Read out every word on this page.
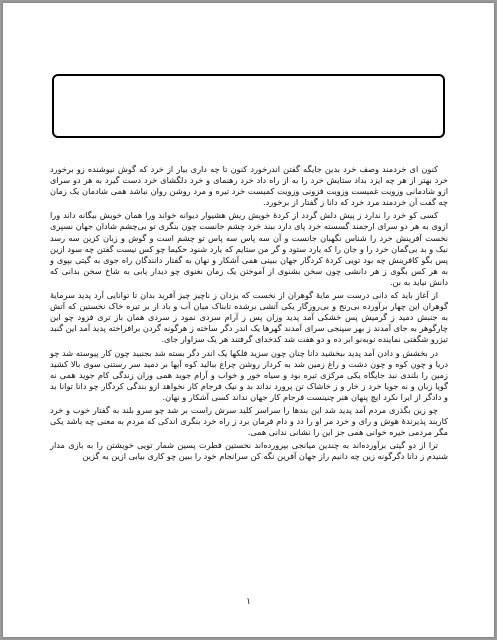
کنون ای خردمند وصف خرد بدین جایگه گفتن اندرخورد کنون تا چه داری بیار از خرد که گوش نیوشنده زو برخورد خرد بهتر از هر چه ایزد بداد ستایش خرد را به از راه داد خرد رهنمای و خرد دلگشای خرد دست گیرد به هر دو سرای ازو شادمانی وزویت غمیست وزویت فزونی وزویت کمیست خرد تیره و مرد روشن روان نباشد همی شادمان یک زمان چه گفت آن خردمند مرد خرد که دانا ز گفتار از برخورد.

کسی کو خرد را ندارد ز پیش دلش گردد از کردهٔ خویش ریش هشیوار دیوانه خواند ورا همان خویش بیگانه داند ورا ازوی به هر دو سرای ارجمند گسسته خرد پای دارد ببند خرد چشم جانست چون بنگری تو بی‌چشم شادان جهان نسپری نخست آفرینش خرد را شناس نگهبان جانست و آن سه پاس سه پاس تو چشم است و گوش و زبان کزین سه رسد نیک و بد بی‌گمان خرد را و جان را که یارد ستود و گر من ستایم که یارد شنود حکیما چو کس نیست گفتن چه سود ازین پس بگو کافرینش چه بود تویی کردهٔ کردگار جهان ببینی همی آشکار و نهان به گفتار دانندگان راه جوی به گیتی بپوی و به هر کس بگوی ز هر دانشی چون سخن بشنوی از آموختن یک زمان نغنوی چو دیدار یابی به شاخ سخن بدانی که دانش نیاید به بن.

از آغاز باید که دانی درست سر مایهٔ گوهران از نخست که یزدان ز ناچیز چیز آفرید بدان تا توانایی آرد پدید سرمایهٔ گوهران این چهار برآورده بی‌رنج و بی‌روزگار یکی آتشی برشده تابناک میان آب و باد از بر تیره خاک نخستین که آتش به جنبش دمید ز گرمیش پس خشکی آمد پدید وزان پس ز آرام سردی نمود ز سردی همان باز تری فزود چو این چارگوهر به جای آمدند ز بهر سپنجی سرای آمدند گهرها یک اندر دگر ساخته ز هرگونه گردن برافراخته پدید آمد این گنبد تیزرو شگفتی نماینده نوبه‌نو ابر ده و دو هفت شد کدخدای گرفتند هر یک سزاوار جای.

در بخشش و دادن آمد پدید ببخشید دانا چنان چون سزید فلکها یک اندر دگر بسته شد بجنبید چون کار پیوسته شد چو دریا و چون کوه و چون دشت و راغ زمین شد به کردار روشن چراغ ببالید کوه آبها بر دمید سر رستنی سوی بالا کشید زمین را بلندی نبد جایگاه یکی مرکزی تیره بود و سیاه خور و خواب و آرام جوید همی وزان زندگی کام جوید همی نه گویا زبان و نه جویا خرد ز خار و ز خاشاک تن پرورد نداند بد و نیک فرجام کار نخواهد ازو بندگی کردگار چو دانا توانا بد و دادگر از ایرا نکرد ایچ پنهان هنر چنینست فرجام کار جهان نداند کسی آشکار و نهان.

چو زین بگذری مردم آمد پدید شد این بندها را سراسر کلید سرش راست بر شد چو سرو بلند به گفتار خوب و خرد کاربند پذیرندهٔ هوش و رای و خرد مر او را دد و دام فرمان برد ز راه خرد بنگری اندکی که مردم به معنی چه باشد یکی مگر مردمی خیره خوانی همی جز این را نشانی ندانی همی.

ترا از دو گیتی برآورده‌اند به چندین میانجی بپرورده‌اند نخستین فطرت پسین شمار تویی خویشتن را به بازی مدار شنیدم ز دانا دگرگونه زین چه دانیم راز جهان آفرین نگه کن سرانجام خود را ببین چو کاری بیابی ازین به گزین

۱
